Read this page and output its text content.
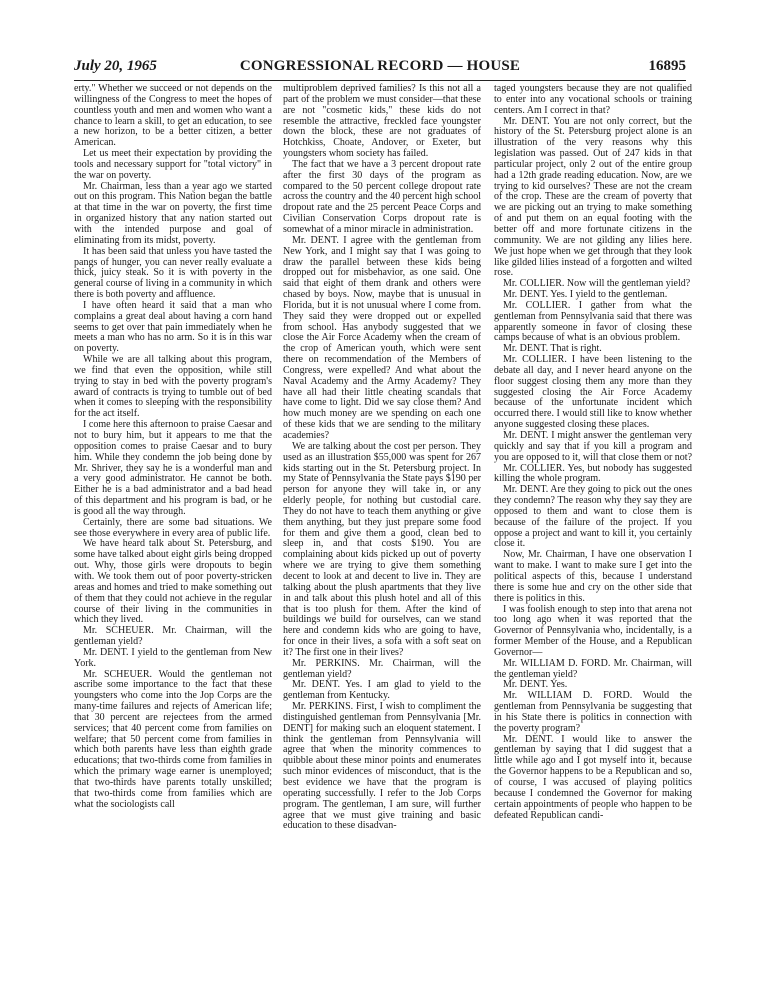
July 20, 1965	CONGRESSIONAL RECORD — HOUSE	16895

erty." Whether we succeed or not depends on the willingness of the Congress to meet the hopes of countless youth and men and women who want a chance to learn a skill, to get an education, to see a new horizon, to be a better citizen, a better American.

Let us meet their expectation by providing the tools and necessary support for "total victory" in the war on poverty.

Mr. Chairman, less than a year ago we started out on this program. This Nation began the battle at that time in the war on poverty, the first time in organized history that any nation started out with the intended purpose and goal of eliminating from its midst, poverty.

It has been said that unless you have tasted the pangs of hunger, you can never really evaluate a thick, juicy steak. So it is with poverty in the general course of living in a community in which there is both poverty and affluence.

I have often heard it said that a man who complains a great deal about having a corn hand seems to get over that pain immediately when he meets a man who has no arm. So it is in this war on poverty.

While we are all talking about this program, we find that even the opposition, while still trying to stay in bed with the poverty program's award of contracts is trying to tumble out of bed when it comes to sleeping with the responsibility for the act itself.

I come here this afternoon to praise Caesar and not to bury him, but it appears to me that the opposition comes to praise Caesar and to bury him. While they condemn the job being done by Mr. Shriver, they say he is a wonderful man and a very good administrator. He cannot be both. Either he is a bad administrator and a bad head of this department and his program is bad, or he is good all the way through.

Certainly, there are some bad situations. We see those everywhere in every area of public life.

We have heard talk about St. Petersburg, and some have talked about eight girls being dropped out. Why, those girls were dropouts to begin with. We took them out of poor poverty-stricken areas and homes and tried to make something out of them that they could not achieve in the regular course of their living in the communities in which they lived.

Mr. SCHEUER. Mr. Chairman, will the gentleman yield?

Mr. DENT. I yield to the gentleman from New York.

Mr. SCHEUER. Would the gentleman not ascribe some importance to the fact that these youngsters who come into the Jop Corps are the many-time failures and rejects of American life; that 30 percent are rejectees from the armed services; that 40 percent come from families on welfare; that 50 percent come from families in which both parents have less than eighth grade educations; that two-thirds come from families in which the primary wage earner is unemployed; that two-thirds have parents totally unskilled; that two-thirds come from families which are what the sociologists call

multiproblem deprived families? Is this not all a part of the problem we must consider—that these are not "cosmetic kids," these kids do not resemble the attractive, freckled face youngster down the block, these are not graduates of Hotchkiss, Choate, Andover, or Exeter, but youngsters whom society has failed.

The fact that we have a 3 percent dropout rate after the first 30 days of the program as compared to the 50 percent college dropout rate across the country and the 40 percent high school dropout rate and the 25 percent Peace Corps and Civilian Conservation Corps dropout rate is somewhat of a minor miracle in administration.

Mr. DENT. I agree with the gentleman from New York, and I might say that I was going to draw the parallel between these kids being dropped out for misbehavior, as one said. One said that eight of them drank and others were chased by boys. Now, maybe that is unusual in Florida, but it is not unusual where I come from. They said they were dropped out or expelled from school. Has anybody suggested that we close the Air Force Academy when the cream of the crop of American youth, which were sent there on recommendation of the Members of Congress, were expelled? And what about the Naval Academy and the Army Academy? They have all had their little cheating scandals that have come to light. Did we say close them? And how much money are we spending on each one of these kids that we are sending to the military academies?

We are talking about the cost per person. They used as an illustration $55,000 was spent for 267 kids starting out in the St. Petersburg project. In my State of Pennsylvania the State pays $190 per person for anyone they will take in, or any elderly people, for nothing but custodial care. They do not have to teach them anything or give them anything, but they just prepare some food for them and give them a good, clean bed to sleep in, and that costs $190. You are complaining about kids picked up out of poverty where we are trying to give them something decent to look at and decent to live in. They are talking about the plush apartments that they live in and talk about this plush hotel and all of this that is too plush for them. After the kind of buildings we build for ourselves, can we stand here and condemn kids who are going to have, for once in their lives, a sofa with a soft seat on it? The first one in their lives?

Mr. PERKINS. Mr. Chairman, will the gentleman yield?

Mr. DENT. Yes. I am glad to yield to the gentleman from Kentucky.

Mr. PERKINS. First, I wish to compliment the distinguished gentleman from Pennsylvania [Mr. DENT] for making such an eloquent statement. I think the gentleman from Pennsylvania will agree that when the minority commences to quibble about these minor points and enumerates such minor evidences of misconduct, that is the best evidence we have that the program is operating successfully. I refer to the Job Corps program. The gentleman, I am sure, will further agree that we must give training and basic education to these disadvan-

taged youngsters because they are not qualified to enter into any vocational schools or training centers. Am I correct in that?

Mr. DENT. You are not only correct, but the history of the St. Petersburg project alone is an illustration of the very reasons why this legislation was passed. Out of 247 kids in that particular project, only 2 out of the entire group had a 12th grade reading education. Now, are we trying to kid ourselves? These are not the cream of the crop. These are the cream of poverty that we are picking out an trying to make something of and put them on an equal footing with the better off and more fortunate citizens in the community. We are not gilding any lilies here. We just hope when we get through that they look like gilded lilies instead of a forgotten and wilted rose.

Mr. COLLIER. Now will the gentleman yield?

Mr. DENT. Yes. I yield to the gentleman.

Mr. COLLIER. I gather from what the gentleman from Pennsylvania said that there was apparently someone in favor of closing these camps because of what is an obvious problem.

Mr. DENT. That is right.

Mr. COLLIER. I have been listening to the debate all day, and I never heard anyone on the floor suggest closing them any more than they suggested closing the Air Force Academy because of the unfortunate incident which occurred there. I would still like to know whether anyone suggested closing these places.

Mr. DENT. I might answer the gentleman very quickly and say that if you kill a program and you are opposed to it, will that close them or not?

Mr. COLLIER. Yes, but nobody has suggested killing the whole program.

Mr. DENT. Are they going to pick out the ones they condemn? The reason why they say they are opposed to them and want to close them is because of the failure of the project. If you oppose a project and want to kill it, you certainly close it.

Now, Mr. Chairman, I have one observation I want to make. I want to make sure I get into the political aspects of this, because I understand there is some hue and cry on the other side that there is politics in this.

I was foolish enough to step into that arena not too long ago when it was reported that the Governor of Pennsylvania who, incidentally, is a former Member of the House, and a Republican Governor—

Mr. WILLIAM D. FORD. Mr. Chairman, will the gentleman yield?

Mr. DENT. Yes.

Mr. WILLIAM D. FORD. Would the gentleman from Pennsylvania be suggesting that in his State there is politics in connection with the poverty program?

Mr. DENT. I would like to answer the gentleman by saying that I did suggest that a little while ago and I got myself into it, because the Governor happens to be a Republican and so, of course, I was accused of playing politics because I condemned the Governor for making certain appointments of people who happen to be defeated Republican candi-
